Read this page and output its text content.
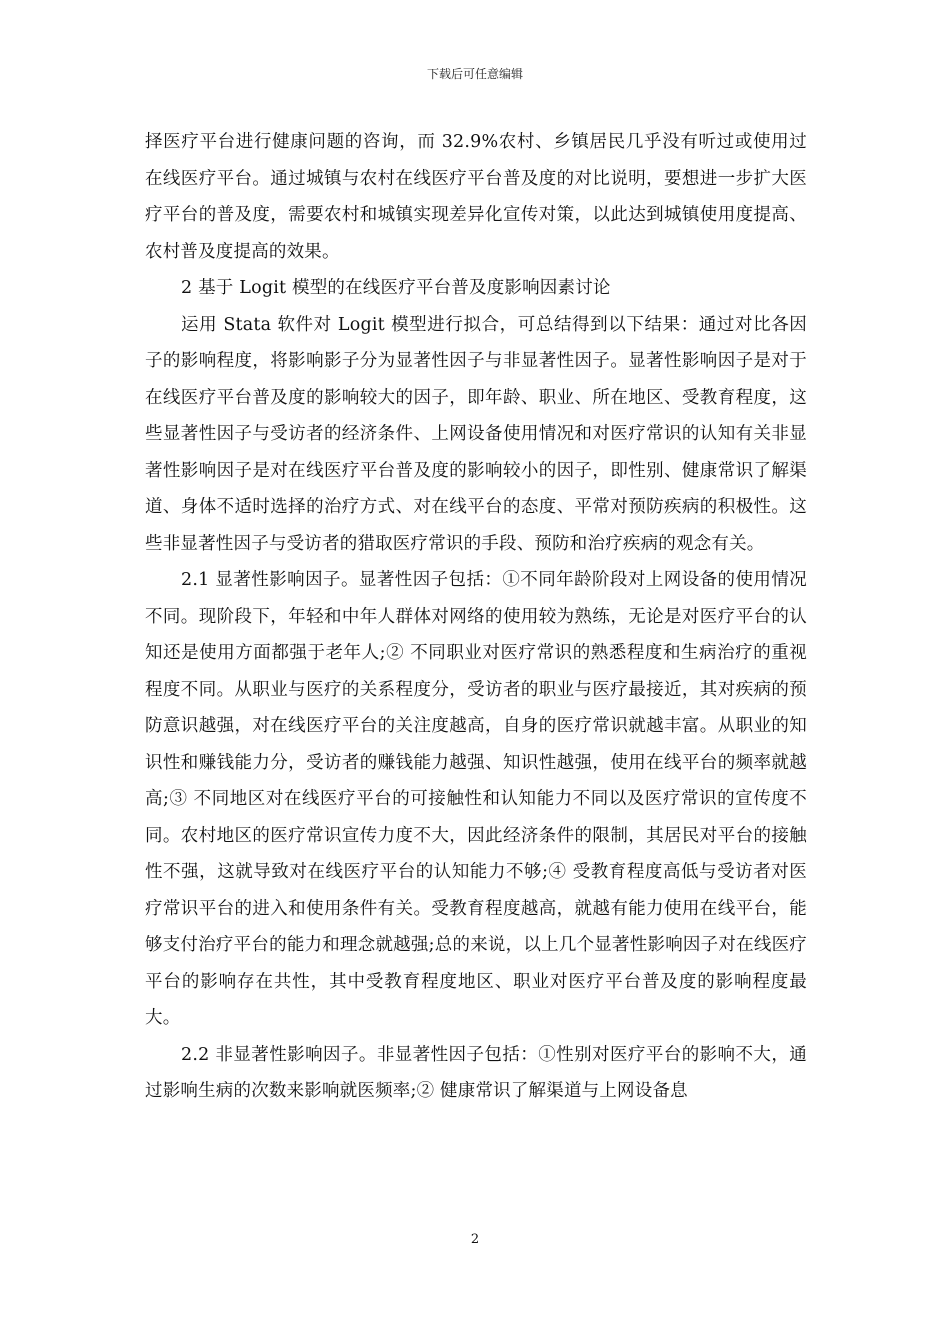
下载后可任意编辑

择医疗平台进行健康问题的咨询，而 32.9%农村、乡镇居民几乎没有听过或使用过在线医疗平台。通过城镇与农村在线医疗平台普及度的对比说明，要想进一步扩大医疗平台的普及度，需要农村和城镇实现差异化宣传对策，以此达到城镇使用度提高、农村普及度提高的效果。

2 基于 Logit 模型的在线医疗平台普及度影响因素讨论

运用 Stata 软件对 Logit 模型进行拟合，可总结得到以下结果：通过对比各因子的影响程度，将影响影子分为显著性因子与非显著性因子。显著性影响因子是对于在线医疗平台普及度的影响较大的因子，即年龄、职业、所在地区、受教育程度，这些显著性因子与受访者的经济条件、上网设备使用情况和对医疗常识的认知有关非显著性影响因子是对在线医疗平台普及度的影响较小的因子，即性别、健康常识了解渠道、身体不适时选择的治疗方式、对在线平台的态度、平常对预防疾病的积极性。这些非显著性因子与受访者的猎取医疗常识的手段、预防和治疗疾病的观念有关。

2.1 显著性影响因子。显著性因子包括：①不同年龄阶段对上网设备的使用情况不同。现阶段下，年轻和中年人群体对网络的使用较为熟练，无论是对医疗平台的认知还是使用方面都强于老年人;② 不同职业对医疗常识的熟悉程度和生病治疗的重视程度不同。从职业与医疗的关系程度分，受访者的职业与医疗最接近，其对疾病的预防意识越强，对在线医疗平台的关注度越高，自身的医疗常识就越丰富。从职业的知识性和赚钱能力分，受访者的赚钱能力越强、知识性越强，使用在线平台的频率就越高;③ 不同地区对在线医疗平台的可接触性和认知能力不同以及医疗常识的宣传度不同。农村地区的医疗常识宣传力度不大，因此经济条件的限制，其居民对平台的接触性不强，这就导致对在线医疗平台的认知能力不够;④ 受教育程度高低与受访者对医疗常识平台的进入和使用条件有关。受教育程度越高，就越有能力使用在线平台，能够支付治疗平台的能力和理念就越强;总的来说，以上几个显著性影响因子对在线医疗平台的影响存在共性，其中受教育程度地区、职业对医疗平台普及度的影响程度最大。

2.2 非显著性影响因子。非显著性因子包括：①性别对医疗平台的影响不大，通过影响生病的次数来影响就医频率;② 健康常识了解渠道与上网设备息

2
